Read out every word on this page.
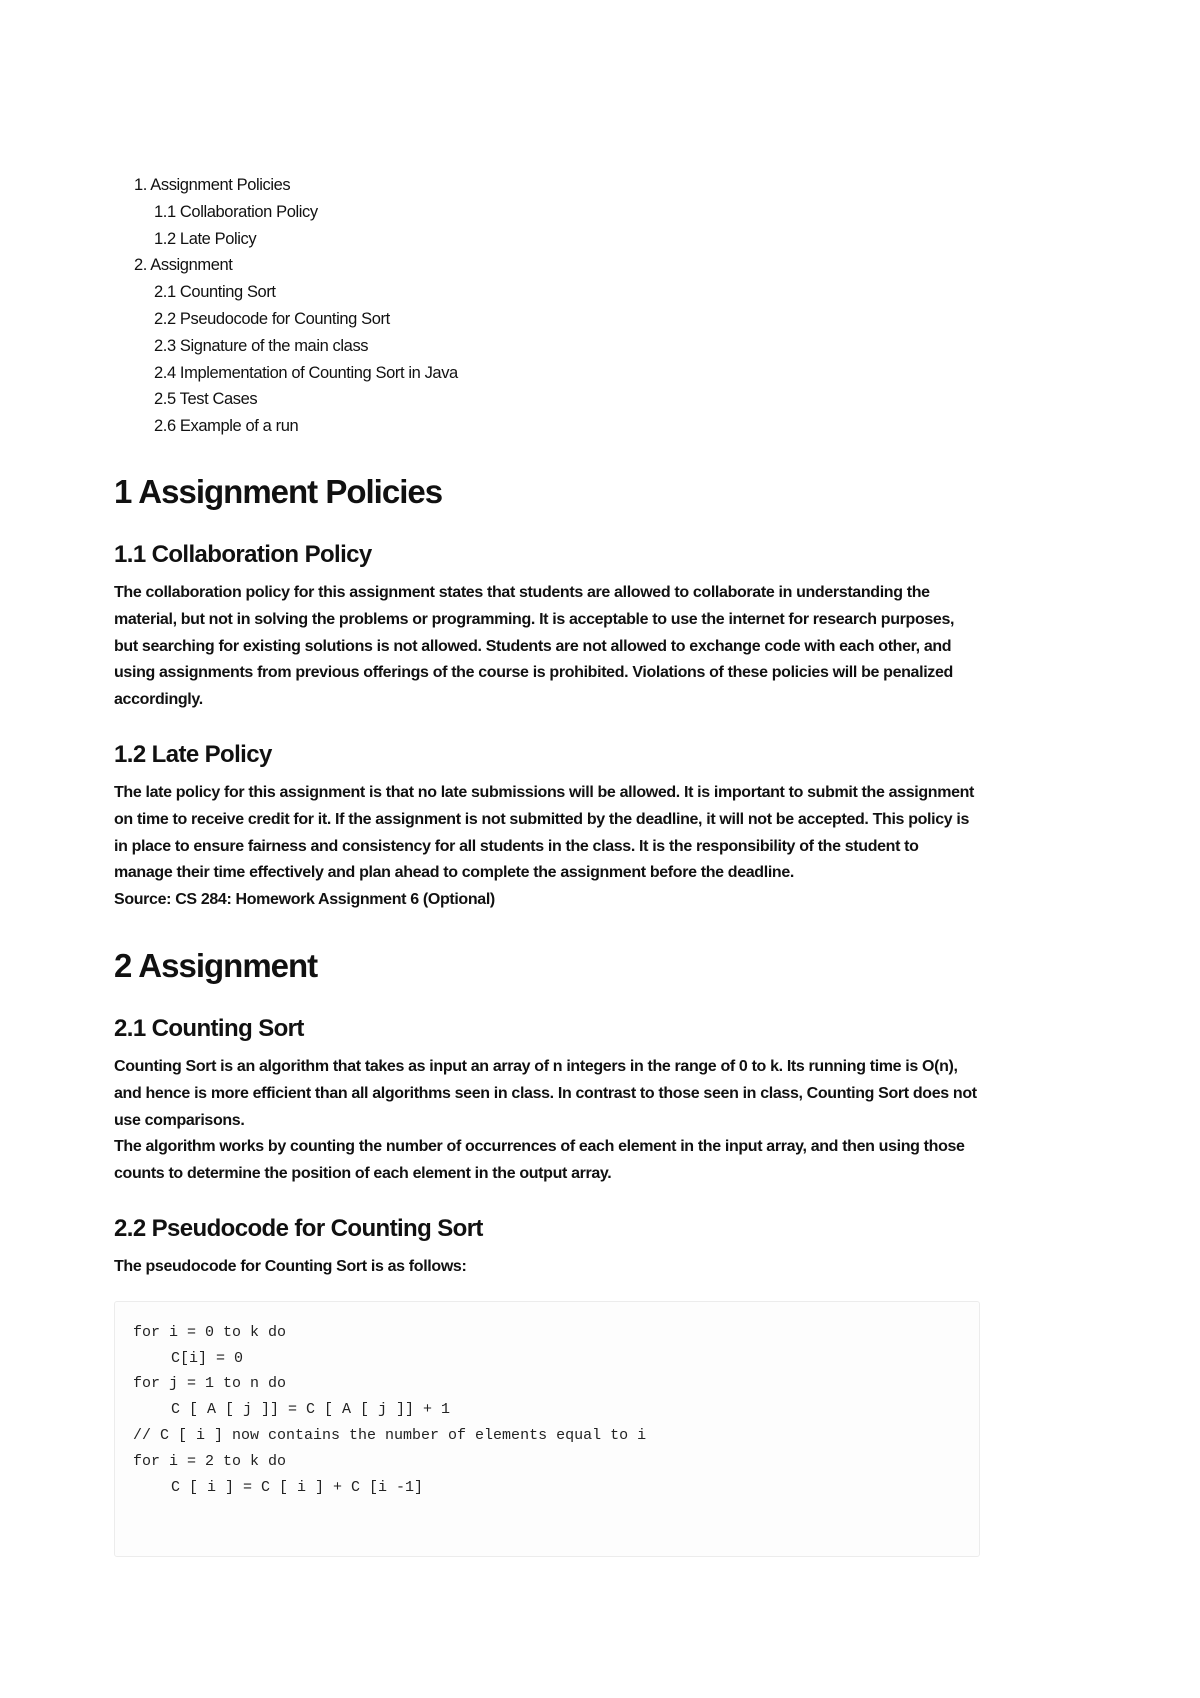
1. Assignment Policies
1.1 Collaboration Policy
1.2 Late Policy
2. Assignment
2.1 Counting Sort
2.2 Pseudocode for Counting Sort
2.3 Signature of the main class
2.4 Implementation of Counting Sort in Java
2.5 Test Cases
2.6 Example of a run
1 Assignment Policies
1.1 Collaboration Policy

The collaboration policy for this assignment states that students are allowed to collaborate in understanding the material, but not in solving the problems or programming. It is acceptable to use the internet for research purposes, but searching for existing solutions is not allowed. Students are not allowed to exchange code with each other, and using assignments from previous offerings of the course is prohibited. Violations of these policies will be penalized accordingly.

1.2 Late Policy

The late policy for this assignment is that no late submissions will be allowed. It is important to submit the assignment on time to receive credit for it. If the assignment is not submitted by the deadline, it will not be accepted. This policy is in place to ensure fairness and consistency for all students in the class. It is the responsibility of the student to manage their time effectively and plan ahead to complete the assignment before the deadline.

Source: CS 284: Homework Assignment 6 (Optional)

2 Assignment
2.1 Counting Sort

Counting Sort is an algorithm that takes as input an array of n integers in the range of 0 to k. Its running time is O(n), and hence is more efficient than all algorithms seen in class. In contrast to those seen in class, Counting Sort does not use comparisons.

The algorithm works by counting the number of occurrences of each element in the input array, and then using those counts to determine the position of each element in the output array.

2.2 Pseudocode for Counting Sort

The pseudocode for Counting Sort is as follows:

for i = 0 to k do
C[i] = 0
for j = 1 to n do
C [ A [ j ]] = C [ A [ j ]] + 1
// C [ i ] now contains the number of elements equal to i
for i = 2 to k do
C [ i ] = C [ i ] + C [i -1]
